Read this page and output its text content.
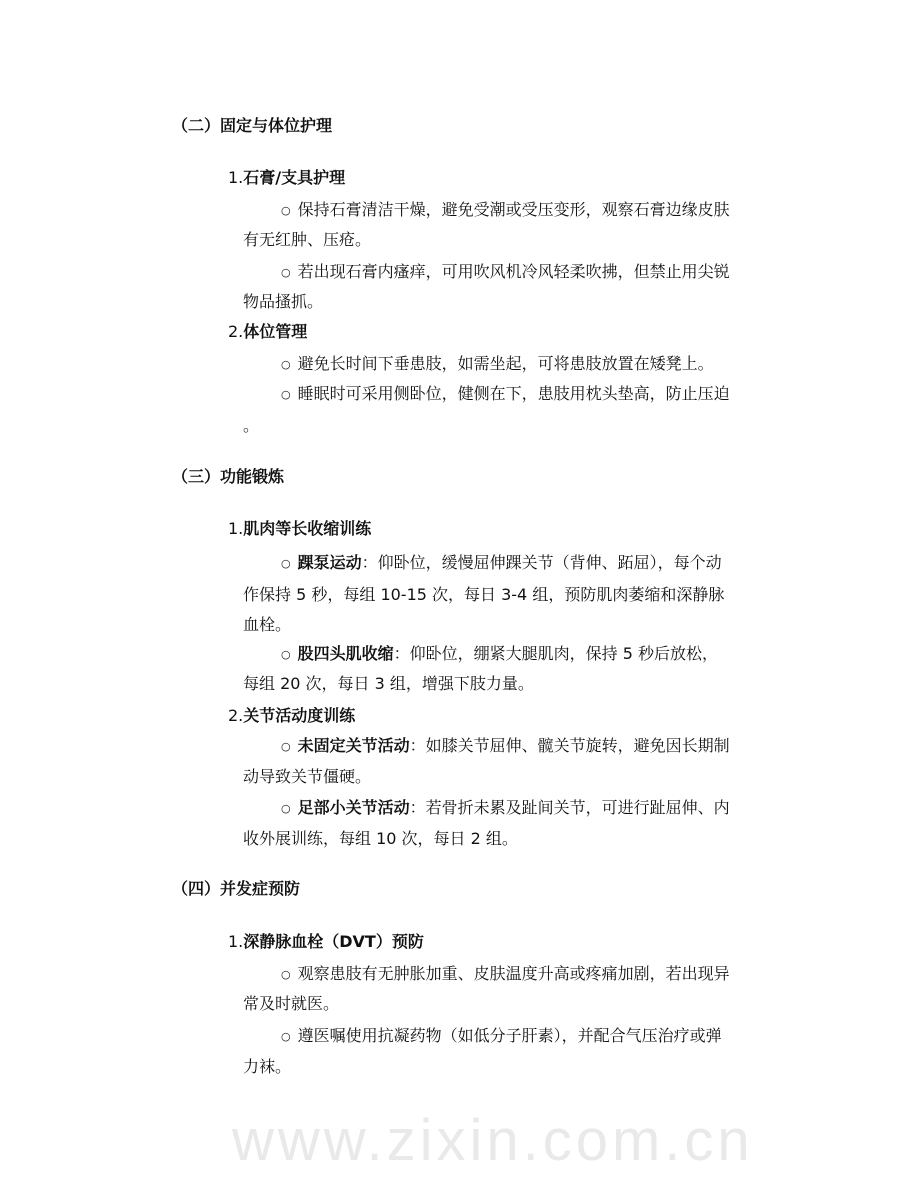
www.zixin.com.cn
（二）固定与体位护理
1.石膏/支具护理
○ 保持石膏清洁干燥，避免受潮或受压变形，观察石膏边缘皮肤
有无红肿、压疮。
○ 若出现石膏内瘙痒，可用吹风机冷风轻柔吹拂，但禁止用尖锐
物品搔抓。
2.体位管理
○ 避免长时间下垂患肢，如需坐起，可将患肢放置在矮凳上。
○ 睡眠时可采用侧卧位，健侧在下，患肢用枕头垫高，防止压迫
。
（三）功能锻炼
1.肌肉等长收缩训练
○ 踝泵运动：仰卧位，缓慢屈伸踝关节（背伸、跖屈），每个动
作保持 5 秒，每组 10-15 次，每日 3-4 组，预防肌肉萎缩和深静脉
血栓。
○ 股四头肌收缩：仰卧位，绷紧大腿肌肉，保持 5 秒后放松，
每组 20 次，每日 3 组，增强下肢力量。
2.关节活动度训练
○ 未固定关节活动：如膝关节屈伸、髋关节旋转，避免因长期制
动导致关节僵硬。
○ 足部小关节活动：若骨折未累及趾间关节，可进行趾屈伸、内
收外展训练，每组 10 次，每日 2 组。
（四）并发症预防
1.深静脉血栓（DVT）预防
○ 观察患肢有无肿胀加重、皮肤温度升高或疼痛加剧，若出现异
常及时就医。
○ 遵医嘱使用抗凝药物（如低分子肝素），并配合气压治疗或弹
力袜。
